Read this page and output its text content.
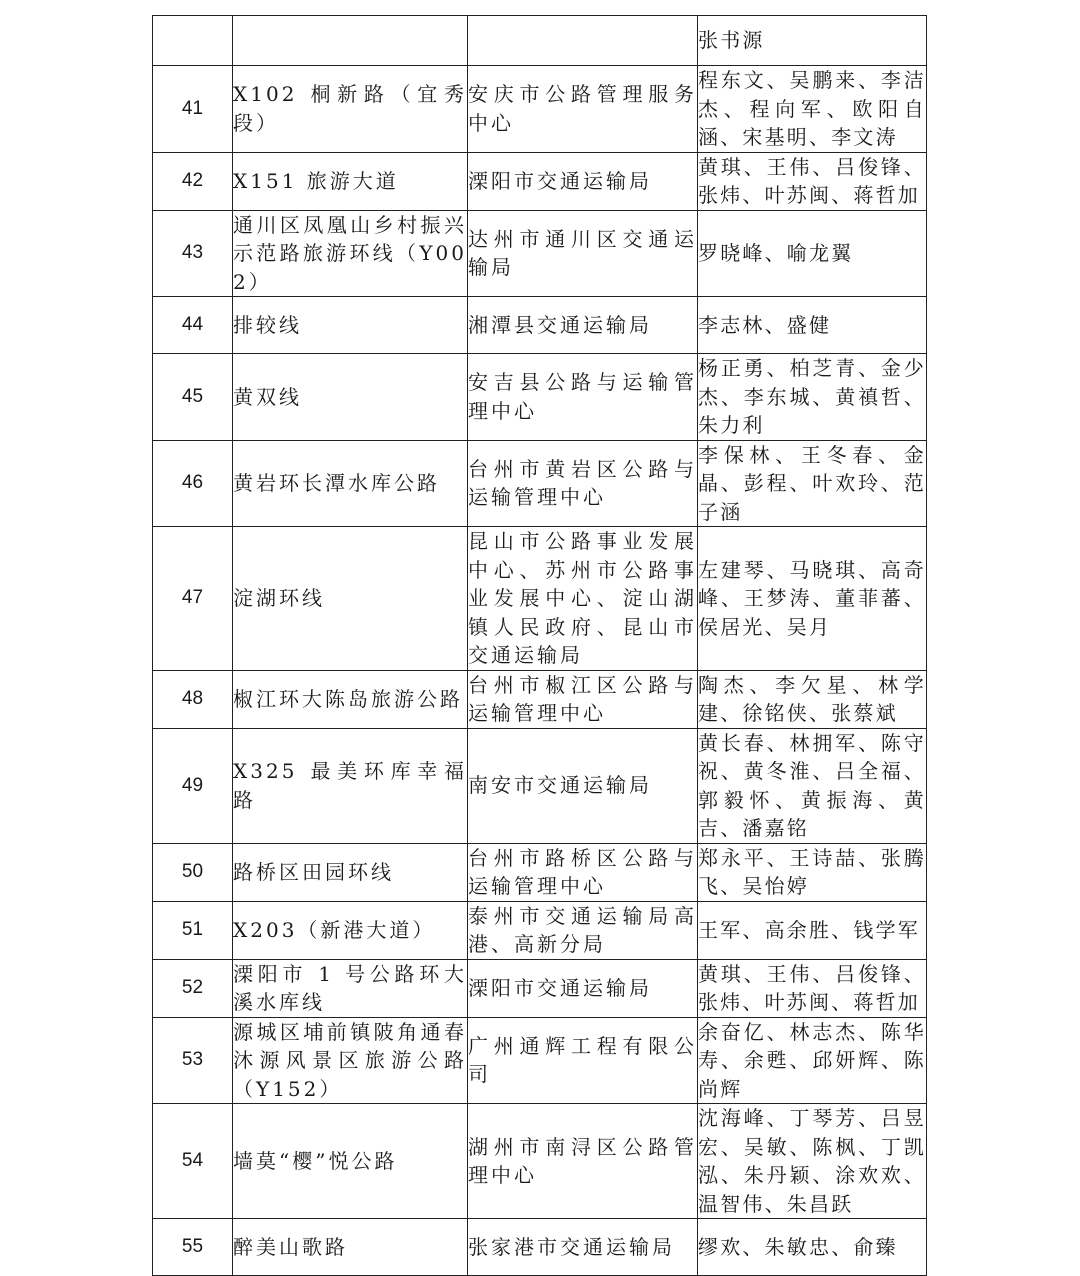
			张书源

41	X102 桐新路（宜秀段）	安庆市公路管理服务中心	程东文、吴鹏来、李洁杰、程向军、欧阳自涵、宋基明、李文涛

42	X151 旅游大道	溧阳市交通运输局	黄琪、王伟、吕俊锋、张炜、叶苏闽、蒋哲加

43	通川区凤凰山乡村振兴示范路旅游环线（Y002）	达州市通川区交通运输局	罗晓峰、喻龙翼

44	排较线	湘潭县交通运输局	李志林、盛健

45	黄双线	安吉县公路与运输管理中心	杨正勇、柏芝青、金少杰、李东城、黄禛哲、朱力利

46	黄岩环长潭水库公路	台州市黄岩区公路与运输管理中心	李保林、王冬春、金晶、彭程、叶欢玲、范子涵

47	淀湖环线	昆山市公路事业发展中心、苏州市公路事业发展中心、淀山湖镇人民政府、昆山市交通运输局	左建琴、马晓琪、高奇峰、王梦涛、董菲蕃、侯居光、吴月

48	椒江环大陈岛旅游公路	台州市椒江区公路与运输管理中心	陶杰、李欠星、林学建、徐铭侠、张蔡斌

49	X325 最美环库幸福路	南安市交通运输局	黄长春、林拥军、陈守祝、黄冬淮、吕全福、郭毅怀、黄振海、黄吉、潘嘉铭

50	路桥区田园环线	台州市路桥区公路与运输管理中心	郑永平、王诗喆、张腾飞、吴怡婷

51	X203（新港大道）	泰州市交通运输局高港、高新分局	王军、高余胜、钱学军

52	溧阳市 1 号公路环大溪水库线	溧阳市交通运输局	黄琪、王伟、吕俊锋、张炜、叶苏闽、蒋哲加

53	源城区埔前镇陂角通春沐源风景区旅游公路（Y152）	广州通辉工程有限公司	余奋亿、林志杰、陈华寿、余甦、邱妍辉、陈尚辉

54	墙莫“樱”悦公路	湖州市南浔区公路管理中心	沈海峰、丁琴芳、吕昱宏、吴敏、陈枫、丁凯泓、朱丹颖、涂欢欢、温智伟、朱昌跃

55	醉美山歌路	张家港市交通运输局	缪欢、朱敏忠、俞臻
